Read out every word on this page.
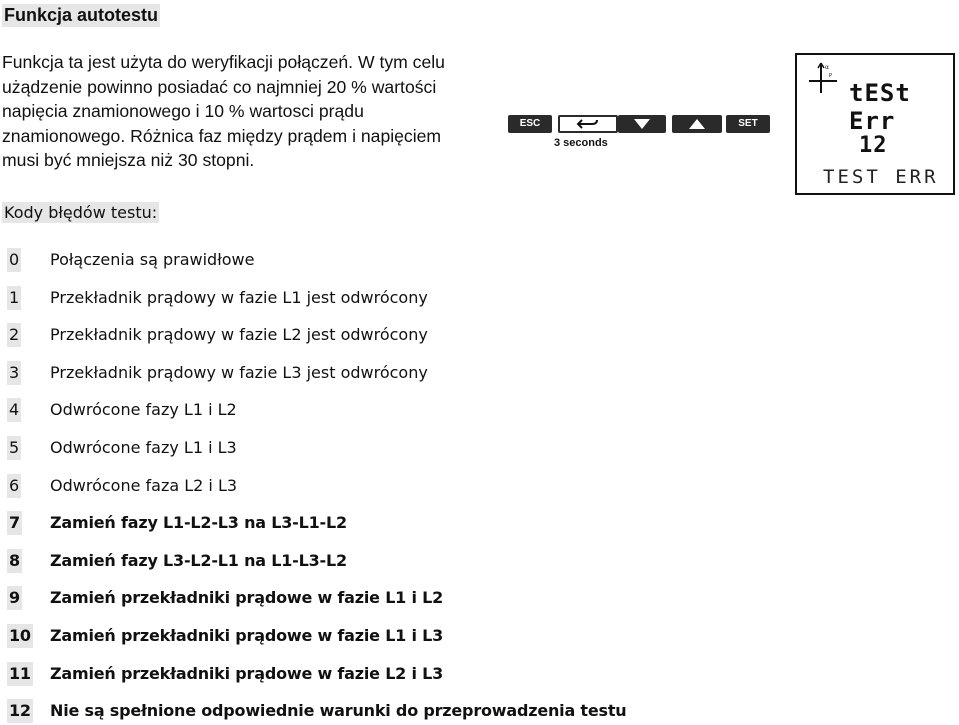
Funkcja autotestu
Funkcja ta jest użyta do weryfikacji połączeń. W tym celu
użądzenie powinno posiadać co najmniej 20 % wartości
napięcia znamionowego i 10 % wartosci prądu
znamionowego. Różnica faz między prądem i napięciem
musi być mniejsza niż 30 stopni.
ESC	SET
3 seconds
α
P
tESt
Err
12
TEST ERR
Kody błędów testu:
0 Połączenia są prawidłowe
1 Przekładnik prądowy w fazie L1 jest odwrócony
2 Przekładnik prądowy w fazie L2 jest odwrócony
3 Przekładnik prądowy w fazie L3 jest odwrócony
4 Odwrócone fazy L1 i L2
5 Odwrócone fazy L1 i L3
6 Odwrócone faza L2 i L3
7 Zamień fazy L1-L2-L3 na L3-L1-L2
8 Zamień fazy L3-L2-L1 na L1-L3-L2
9 Zamień przekładniki prądowe w fazie L1 i L2
10 Zamień przekładniki prądowe w fazie L1 i L3
11 Zamień przekładniki prądowe w fazie L2 i L3
12 Nie są spełnione odpowiednie warunki do przeprowadzenia testu
